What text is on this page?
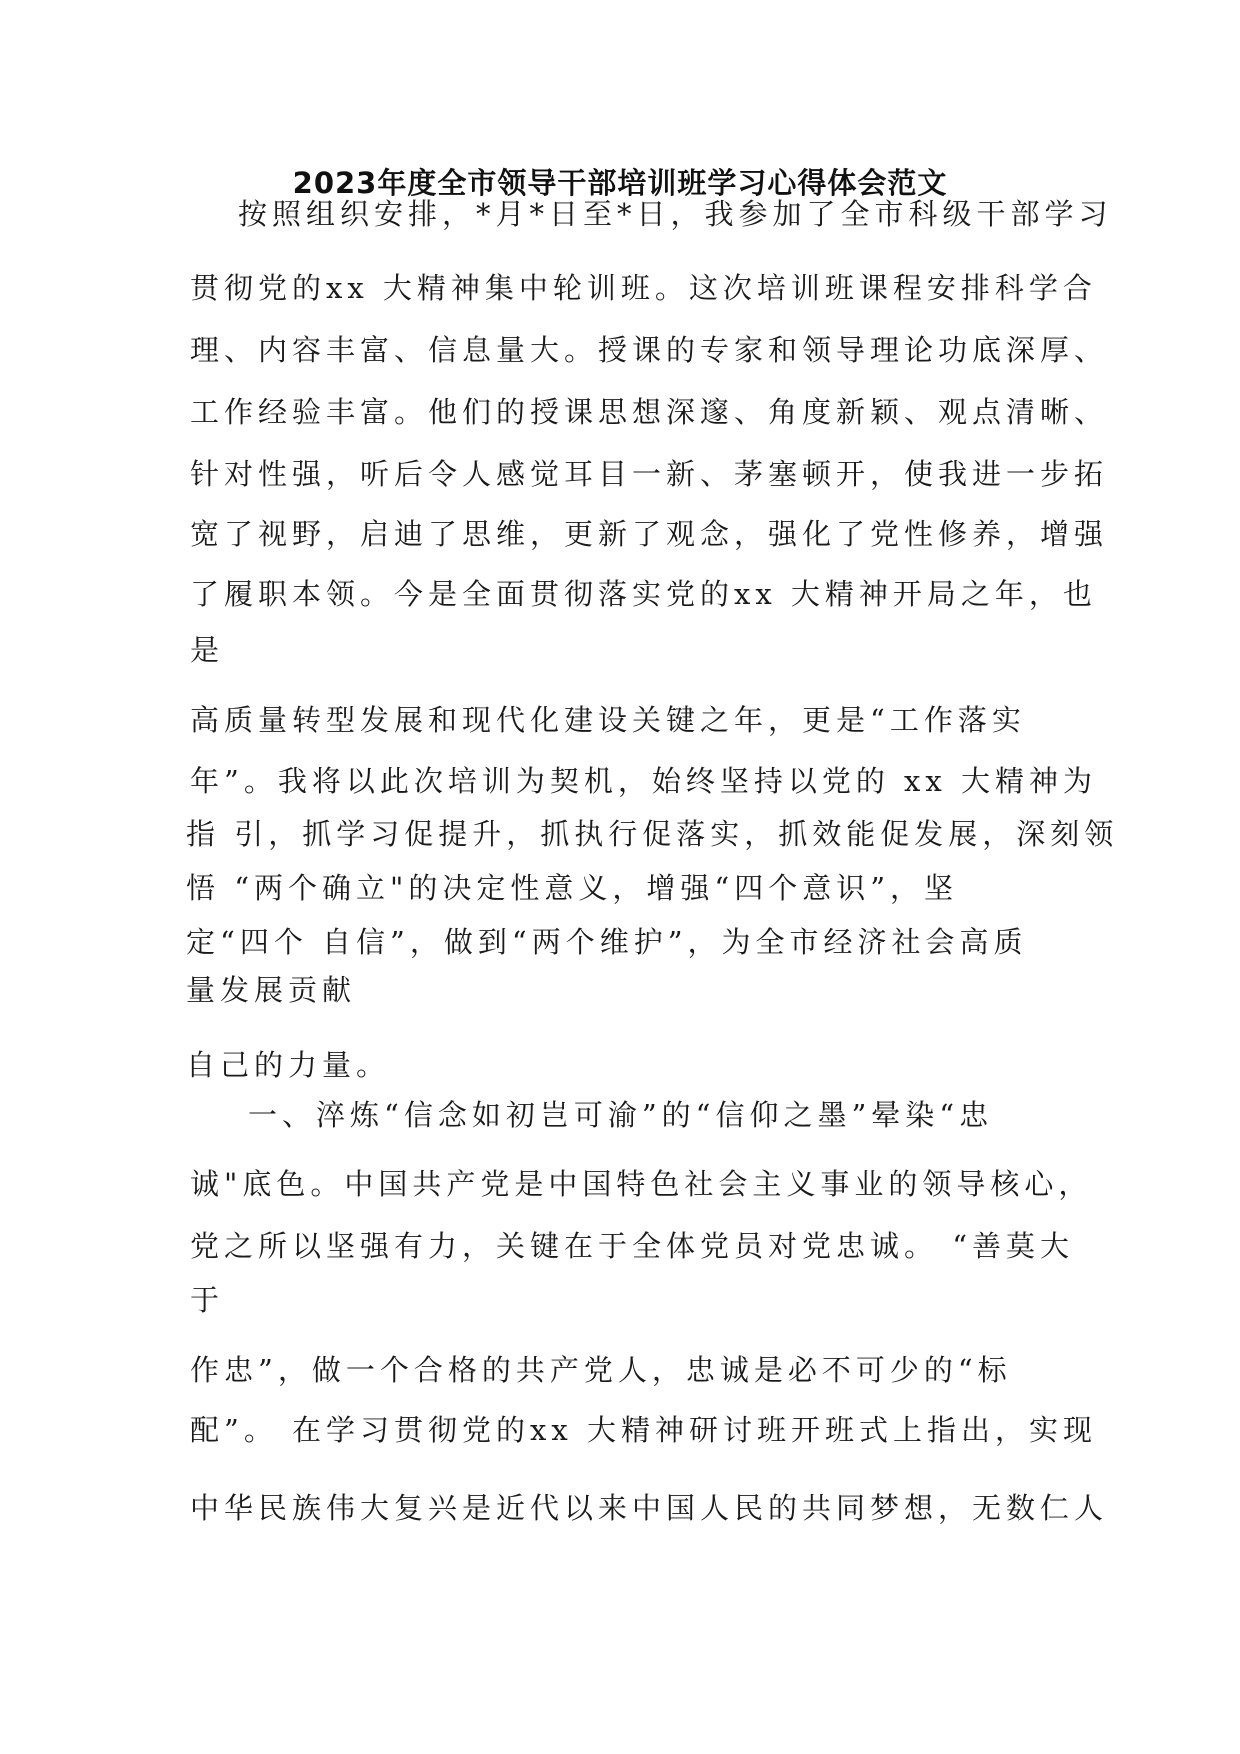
2023年度全市领导干部培训班学习心得体会范文
按照组织安排，*月*日至*日，我参加了全市科级干部学习
贯彻党的xx 大精神集中轮训班。这次培训班课程安排科学合
理、内容丰富、信息量大。授课的专家和领导理论功底深厚、
工作经验丰富。他们的授课思想深邃、角度新颖、观点清晰、
针对性强，听后令人感觉耳目一新、茅塞顿开，使我进一步拓
宽了视野，启迪了思维，更新了观念，强化了党性修养，增强
了履职本领。今是全面贯彻落实党的xx 大精神开局之年，也
是
高质量转型发展和现代化建设关键之年，更是“工作落实
年”。我将以此次培训为契机，始终坚持以党的 xx 大精神为
指 引，抓学习促提升，抓执行促落实，抓效能促发展，深刻领
悟 “两个确立"的决定性意义，增强“四个意识”，坚
定“四个 自信”，做到“两个维护”，为全市经济社会高质
量发展贡献
自己的力量。
一、淬炼“信念如初岂可渝”的“信仰之墨”晕染“忠
诚"底色。中国共产党是中国特色社会主义事业的领导核心，
党之所以坚强有力，关键在于全体党员对党忠诚。 “善莫大
于
作忠”，做一个合格的共产党人，忠诚是必不可少的“标
配”。 在学习贯彻党的xx 大精神研讨班开班式上指出，实现
中华民族伟大复兴是近代以来中国人民的共同梦想，无数仁人
